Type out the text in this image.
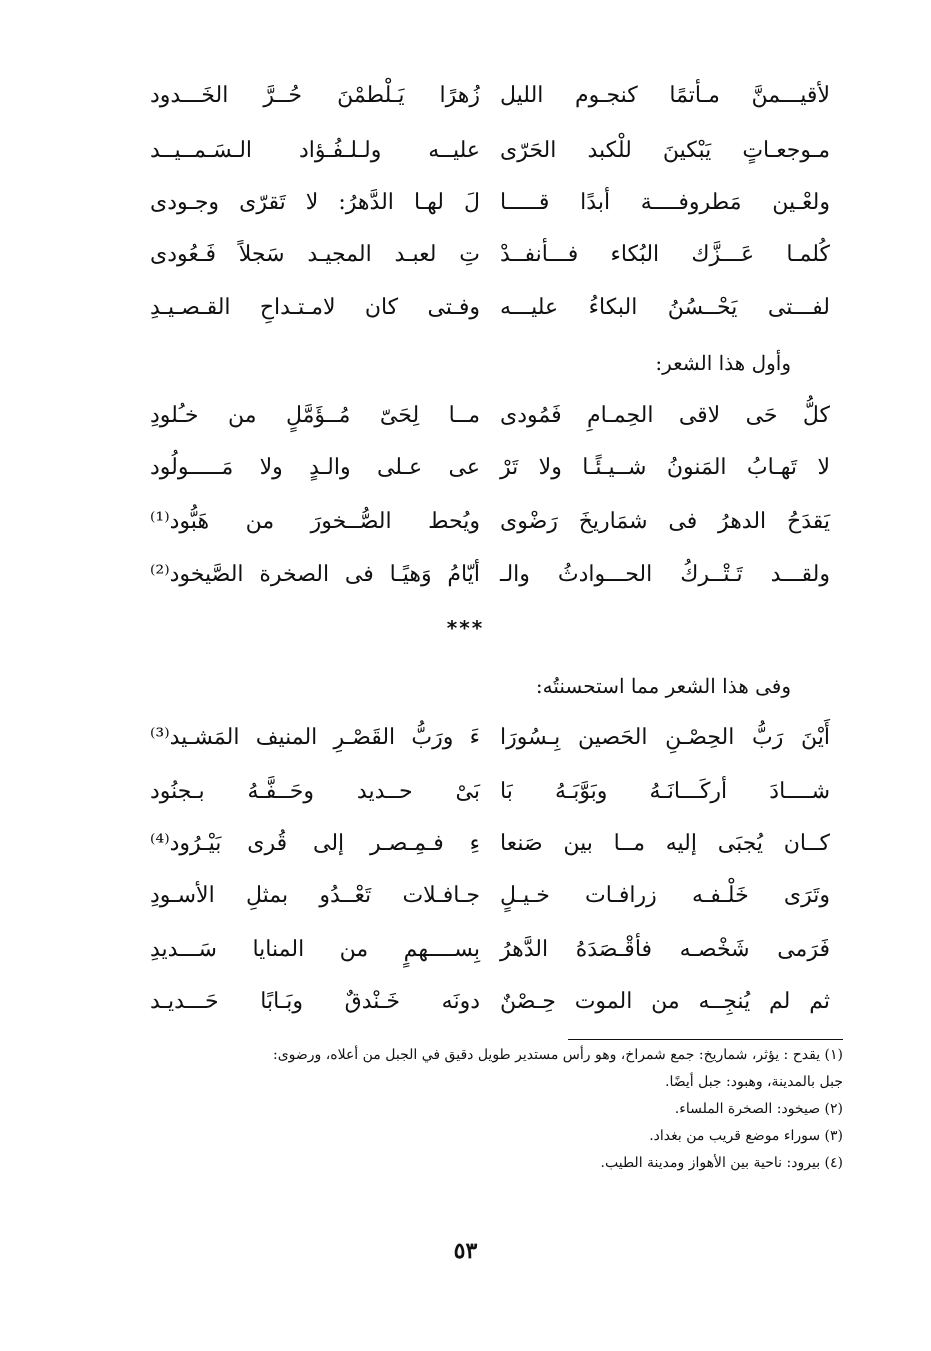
لأقيـــمنَّ مـأتمًا كنجـوم الليل
زُهرًا يَـلْطمْنَ حُــرَّ الخَـــدود
مـوجعـاتٍ يَبْكينَ للْكبد الحَرّى
عليــه ولـلـفُـؤاد الـسَـمــيــد
ولعْـين مَطروفــــة أبدًا قـــــا
لَ لهـا الدَّهرُ: لا تَقرّى وجـودى
كُلمـا عَـــزَّك البُكاء فـــأنفــدْ
تِ لعبـد المجيـد سَجلاً فَـعُودى
لفـــتى يَحْــسُنُ البكاءُ عليـــه
وفـتى كان لامـتـداحِ القـصـيـدِ
وأول هذا الشعر:
كلُّ حَى لاقى الحِمـامِ فَمُودى
مــا لِحَىّ مُــؤَمَّلٍ من خـُلودِ
لا تَهـابُ المَنونُ شــيـئًـا ولا تَرْ
عى عـلى والـدٍ ولا مَـــــولُود
يَقدَحُ الدهرُ فى شمَاريخَ رَضْوى
ويُحط الصُّــخورَ من هَبُّود⁽¹⁾
ولقـــد تَـتْــركُ الحـــوادثُ والـ
أيّامُ وَهيًـا فى الصخرة الصَّيخود⁽²⁾
***
وفى هذا الشعر مما استحسنتُه:
أَيْنَ رَبُّ الحِصْـنِ الحَصين بِـسُورَا
ءَ ورَبُّ القَصْـرِ المنيف المَشـيد⁽³⁾
شــــادَ أركَـــانَـهُ وبَوَّبَـهُ بَا
بَىْ حــديد وحَــفَّـهُ بـجنُود
كــان يُجبَى إليه مــا بين صَنعا
ءِ فـمِـصـر إلى قُرى بَيْـرُود⁽⁴⁾
وتَرَى خَلْـفـه زرافـات خـيـلٍ
جـافـلات تَعْــدُو بمثلِ الأسـودِ
فَرَمى شَخْصـه فأقْـصَدَهُ الدَّهرُ
بِســــهمٍ من المنايا سَـــديدِ
ثم لم يُنجِــه من الموت حِـصْنٌ
دونَه خَـنْدقٌ وبَـابًا حَـــديـد

(١) يقدح : يؤثر، شماريخ: جمع شمراخ، وهو رأس مستدير طويل دقيق في الجبل من أعلاه، ورضوى:

جبل بالمدينة، وهبود: جبل أيضًا.

(٢) صيخود: الصخرة الملساء.

(٣) سوراء موضع قريب من بغداد.

(٤) بيرود: ناحية بين الأهواز ومدينة الطيب.

٥٣
